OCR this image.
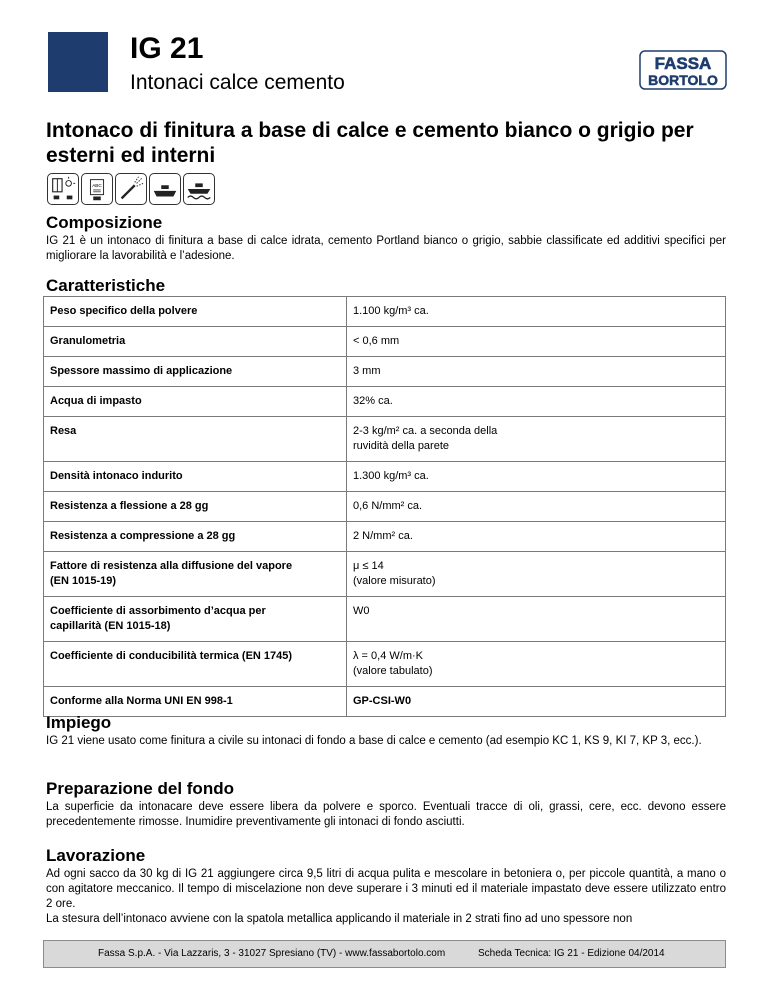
IG 21
Intonaci calce cemento
FASSA
BORTOLO
Intonaco di finitura a base di calce e cemento bianco o grigio per esterni ed interni
ABC
Composizione

IG 21 è un intonaco di finitura a base di calce idrata, cemento Portland bianco o grigio, sabbie classificate ed additivi specifici per migliorare la lavorabilità e l’adesione.

Caratteristiche
Peso specifico della polvere	1.100 kg/m³ ca.
Granulometria	< 0,6 mm
Spessore massimo di applicazione	3 mm
Acqua di impasto	32% ca.
Resa	2-3 kg/m² ca. a seconda della
ruvidità della parete
Densità intonaco indurito	1.300 kg/m³ ca.
Resistenza a flessione a 28 gg	0,6 N/mm² ca.
Resistenza a compressione a 28 gg	2 N/mm² ca.
Fattore di resistenza alla diffusione del vapore
(EN 1015-19)	μ ≤ 14
(valore misurato)
Coefficiente di assorbimento d’acqua per
capillarità (EN 1015-18)	W0
Coefficiente di conducibilità termica (EN 1745)	λ = 0,4 W/m·K
(valore tabulato)
Conforme alla Norma UNI EN 998-1	GP-CSI-W0
Impiego

IG 21 viene usato come finitura a civile su intonaci di fondo a base di calce e cemento (ad esempio KC 1, KS 9, KI 7, KP 3, ecc.).

Preparazione del fondo

La superficie da intonacare deve essere libera da polvere e sporco. Eventuali tracce di oli, grassi, cere, ecc. devono essere precedentemente rimosse. Inumidire preventivamente gli intonaci di fondo asciutti.

Lavorazione

Ad ogni sacco da 30 kg di IG 21 aggiungere circa 9,5 litri di acqua pulita e mescolare in betoniera o, per piccole quantità, a mano o con agitatore meccanico. Il tempo di miscelazione non deve superare i 3 minuti ed il materiale impastato deve essere utilizzato entro 2 ore.

La stesura dell’intonaco avviene con la spatola metallica applicando il materiale in 2 strati fino ad uno spessore non

Fassa S.p.A. - Via Lazzaris, 3 - 31027 Spresiano (TV) - www.fassabortolo.com	Scheda Tecnica: IG 21 - Edizione 04/2014
